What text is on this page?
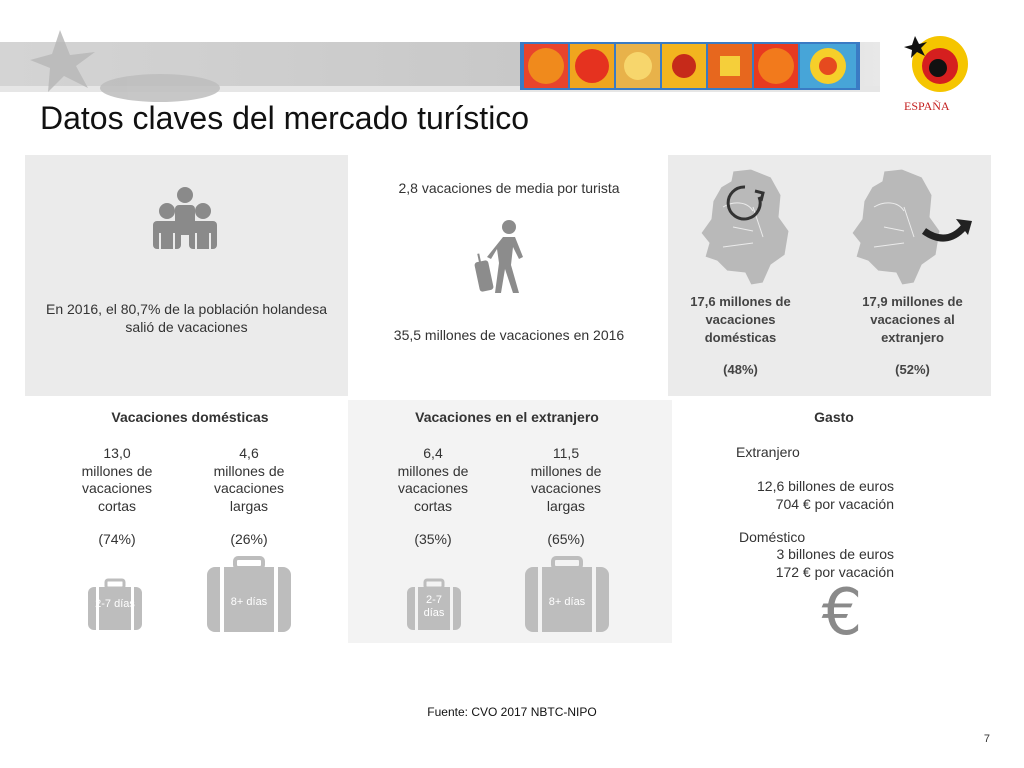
ESPAÑA
Datos claves del mercado turístico
En 2016, el 80,7% de la población holandesa
salió de vacaciones
2,8 vacaciones de media por turista
35,5 millones de vacaciones en 2016
17,6 millones de
vacaciones
domésticas
(48%)
17,9 millones de
vacaciones al
extranjero
(52%)
Vacaciones domésticas
13,0
millones de
vacaciones
cortas
(74%)
4,6
millones de
vacaciones
largas
(26%)
2-7 días	8+ días
Vacaciones en el extranjero
6,4
millones de
vacaciones
cortas
(35%)
11,5
millones de
vacaciones
largas
(65%)
2-7
días
8+ días
Gasto
Extranjero
12,6 billones de euros
704 € por vacación
Doméstico
3 billones de euros
172 € por vacación
€
Fuente: CVO 2017 NBTC-NIPO
7
